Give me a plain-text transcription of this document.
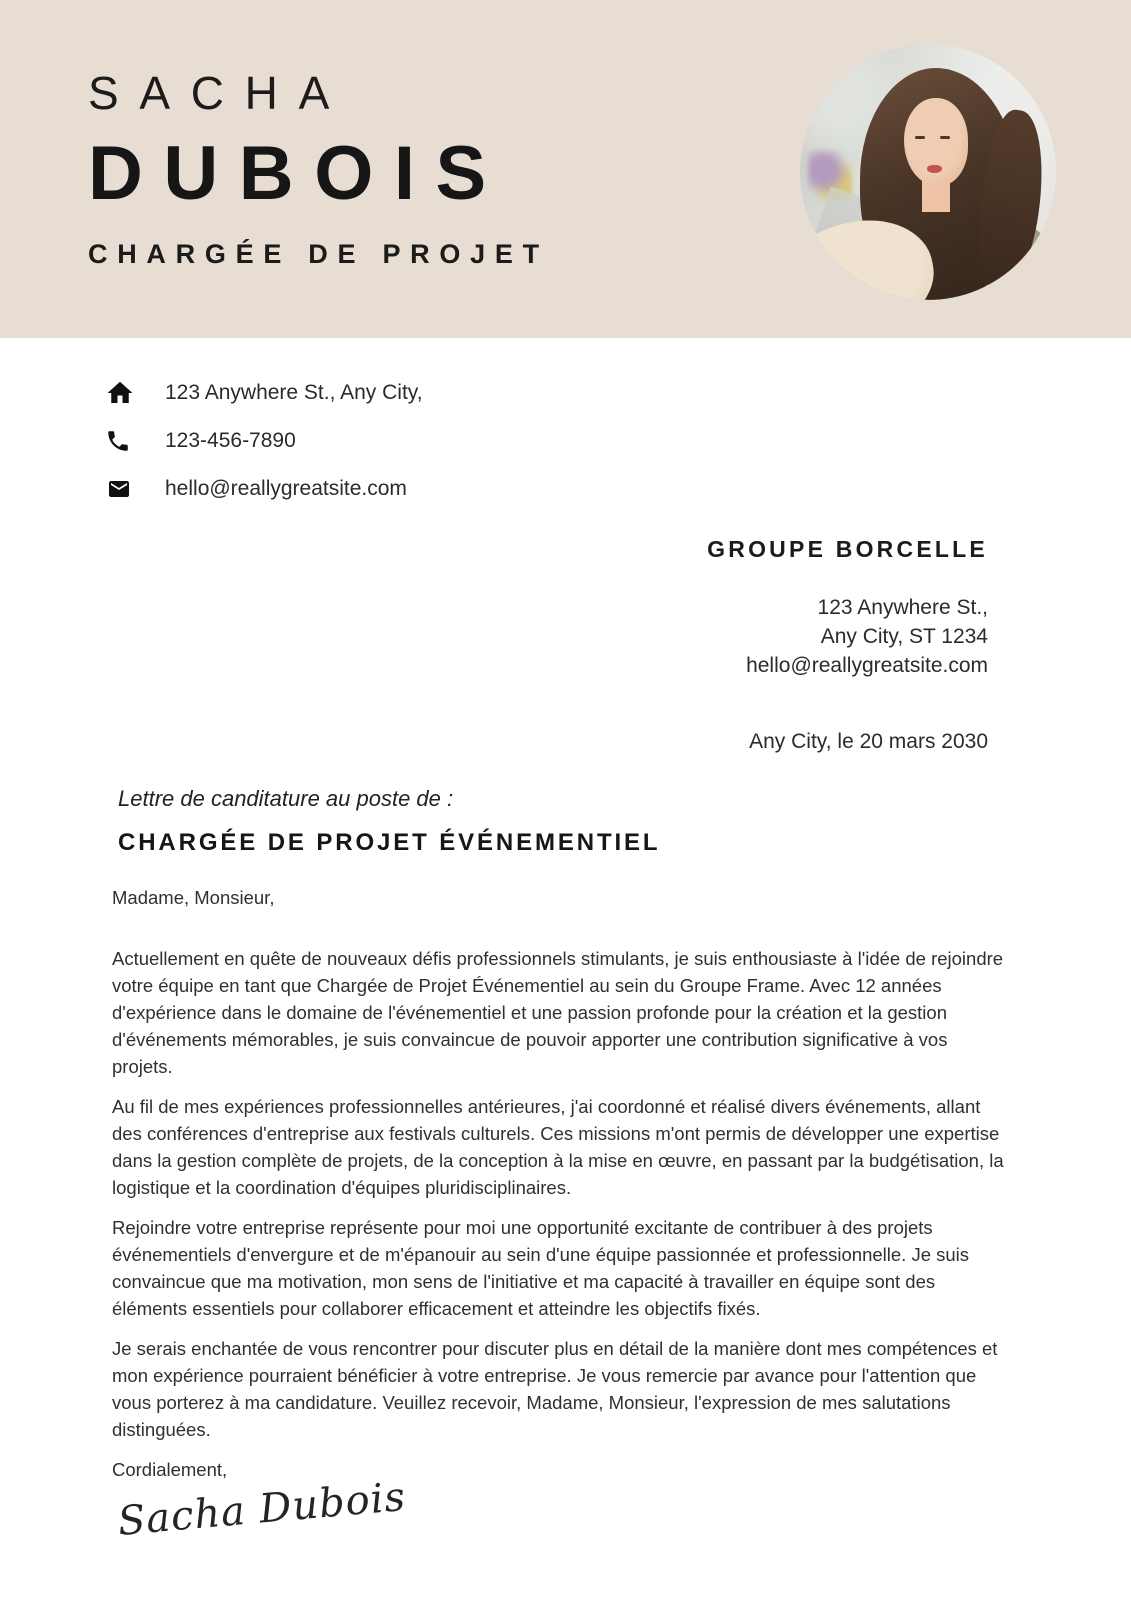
SACHA
DUBOIS
CHARGÉE DE PROJET
123 Anywhere St., Any City,
123-456-7890
hello@reallygreatsite.com
GROUPE BORCELLE
123 Anywhere St.,
Any City, ST 1234
hello@reallygreatsite.com
Any City, le 20 mars 2030
Lettre de canditature au poste de :
CHARGÉE DE PROJET ÉVÉNEMENTIEL

Madame, Monsieur,

Actuellement en quête de nouveaux défis professionnels stimulants, je suis enthousiaste à l'idée de rejoindre votre équipe en tant que Chargée de Projet Événementiel au sein du Groupe Frame. Avec 12 années d'expérience dans le domaine de l'événementiel et une passion profonde pour la création et la gestion d'événements mémorables, je suis convaincue de pouvoir apporter une contribution significative à vos projets.

Au fil de mes expériences professionnelles antérieures, j'ai coordonné et réalisé divers événements, allant des conférences d'entreprise aux festivals culturels. Ces missions m'ont permis de développer une expertise dans la gestion complète de projets, de la conception à la mise en œuvre, en passant par la budgétisation, la logistique et la coordination d'équipes pluridisciplinaires.

Rejoindre votre entreprise représente pour moi une opportunité excitante de contribuer à des projets événementiels d'envergure et de m'épanouir au sein d'une équipe passionnée et professionnelle. Je suis convaincue que ma motivation, mon sens de l'initiative et ma capacité à travailler en équipe sont des éléments essentiels pour collaborer efficacement et atteindre les objectifs fixés.

Je serais enchantée de vous rencontrer pour discuter plus en détail de la manière dont mes compétences et mon expérience pourraient bénéficier à votre entreprise. Je vous remercie par avance pour l'attention que vous porterez à ma candidature. Veuillez recevoir, Madame, Monsieur, l'expression de mes salutations distinguées.

Cordialement,

Sacha Dubois
